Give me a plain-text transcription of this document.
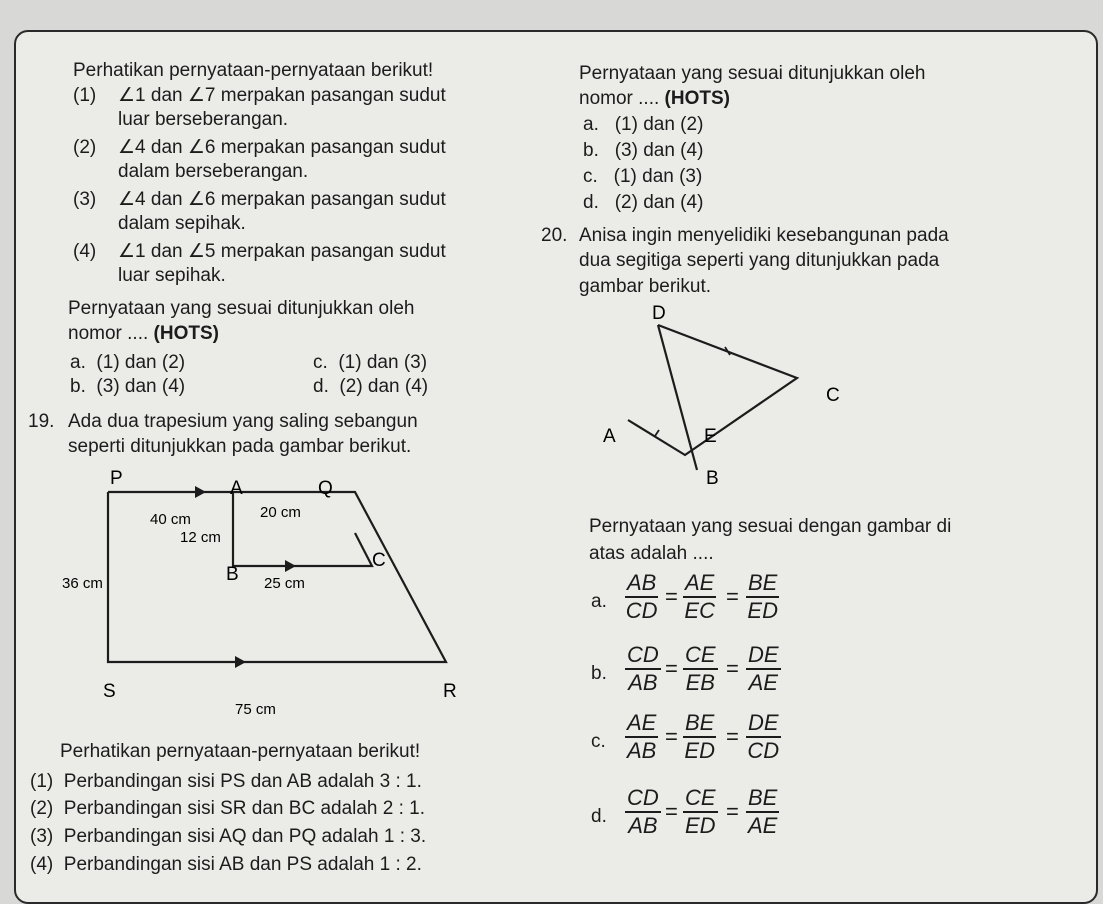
Perhatikan pernyataan-pernyataan berikut!
(1) ∠1 dan ∠7 merpakan pasangan sudut
luar berseberangan.
(2) ∠4 dan ∠6 merpakan pasangan sudut
dalam berseberangan.
(3) ∠4 dan ∠6 merpakan pasangan sudut
dalam sepihak.
(4) ∠1 dan ∠5 merpakan pasangan sudut
luar sepihak.
Pernyataan yang sesuai ditunjukkan oleh
nomor .... (HOTS)
a. (1) dan (2)	c. (1) dan (3)
b. (3) dan (4)	d. (2) dan (4)
19. Ada dua trapesium yang saling sebangun
seperti ditunjukkan pada gambar berikut.
P	A	Q
B
C
S	R
40 cm	20 cm
12 cm
36 cm	25 cm
75 cm
Perhatikan pernyataan-pernyataan berikut!
(1) Perbandingan sisi PS dan AB adalah 3 : 1.
(2) Perbandingan sisi SR dan BC adalah 2 : 1.
(3) Perbandingan sisi AQ dan PQ adalah 1 : 3.
(4) Perbandingan sisi AB dan PS adalah 1 : 2.
Pernyataan yang sesuai ditunjukkan oleh
nomor .... (HOTS)
a. (1) dan (2)
b. (3) dan (4)
c. (1) dan (3)
d. (2) dan (4)
20. Anisa ingin menyelidiki kesebangunan pada
dua segitiga seperti yang ditunjukkan pada
gambar berikut.
D
C
A	E
B
Pernyataan yang sesuai dengan gambar di
atas adalah ....
a. $\frac{AB}{CD} = \frac{AE}{EC} = \frac{BE}{ED}$
b. $\frac{CD}{AB} = \frac{CE}{EB} = \frac{DE}{AE}$
c. $\frac{AE}{AB} = \frac{BE}{ED} = \frac{DE}{CD}$
d. $\frac{CD}{AB} = \frac{CE}{ED} = \frac{BE}{AE}$
